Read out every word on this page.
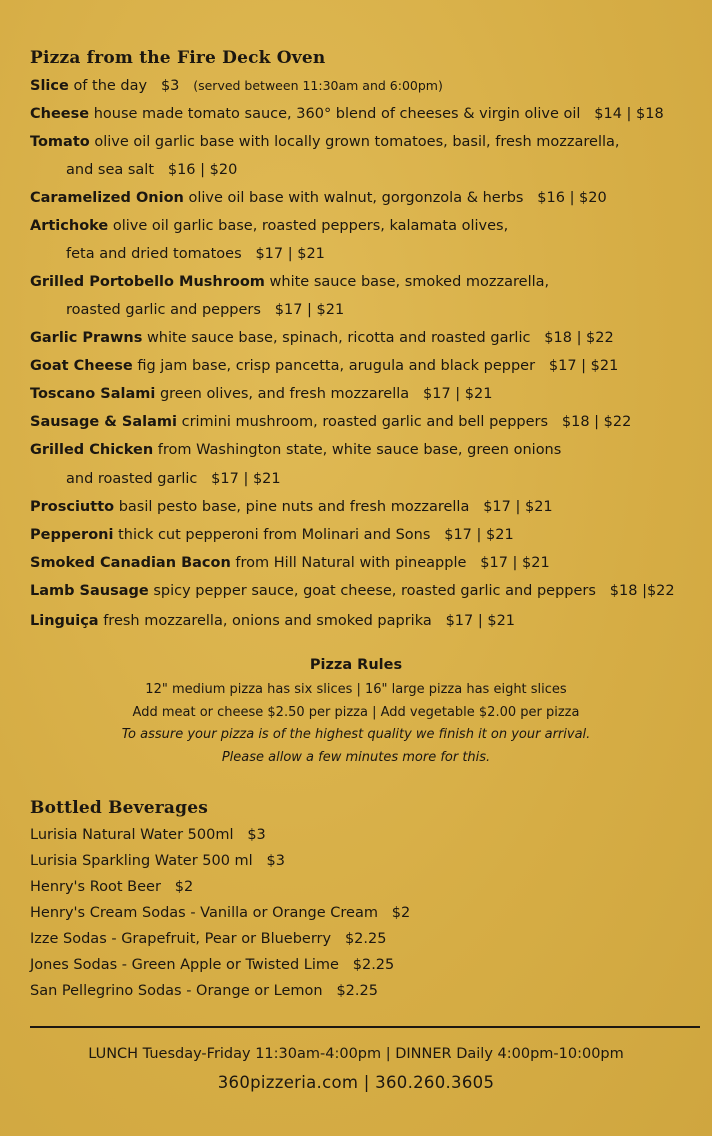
Pizza from the Fire Deck Oven
Slice of the day $3 (served between 11:30am and 6:00pm)
Cheese house made tomato sauce, 360° blend of cheeses & virgin olive oil $14 | $18
Tomato olive oil garlic base with locally grown tomatoes, basil, fresh mozzarella,
and sea salt $16 | $20
Caramelized Onion olive oil base with walnut, gorgonzola & herbs $16 | $20
Artichoke olive oil garlic base, roasted peppers, kalamata olives,
feta and dried tomatoes $17 | $21
Grilled Portobello Mushroom white sauce base, smoked mozzarella,
roasted garlic and peppers $17 | $21
Garlic Prawns white sauce base, spinach, ricotta and roasted garlic $18 | $22
Goat Cheese fig jam base, crisp pancetta, arugula and black pepper $17 | $21
Toscano Salami green olives, and fresh mozzarella $17 | $21
Sausage & Salami crimini mushroom, roasted garlic and bell peppers $18 | $22
Grilled Chicken from Washington state, white sauce base, green onions
and roasted garlic $17 | $21
Prosciutto basil pesto base, pine nuts and fresh mozzarella $17 | $21
Pepperoni thick cut pepperoni from Molinari and Sons $17 | $21
Smoked Canadian Bacon from Hill Natural with pineapple $17 | $21
Lamb Sausage spicy pepper sauce, goat cheese, roasted garlic and peppers $18 |$22
Linguiça fresh mozzarella, onions and smoked paprika $17 | $21
Pizza Rules
12" medium pizza has six slices | 16" large pizza has eight slices
Add meat or cheese $2.50 per pizza | Add vegetable $2.00 per pizza
To assure your pizza is of the highest quality we finish it on your arrival.
Please allow a few minutes more for this.
Bottled Beverages
Lurisia Natural Water 500ml $3
Lurisia Sparkling Water 500 ml $3
Henry's Root Beer $2
Henry's Cream Sodas - Vanilla or Orange Cream $2
Izze Sodas - Grapefruit, Pear or Blueberry $2.25
Jones Sodas - Green Apple or Twisted Lime $2.25
San Pellegrino Sodas - Orange or Lemon $2.25
LUNCH Tuesday-Friday 11:30am-4:00pm | DINNER Daily 4:00pm-10:00pm
360pizzeria.com | 360.260.3605
